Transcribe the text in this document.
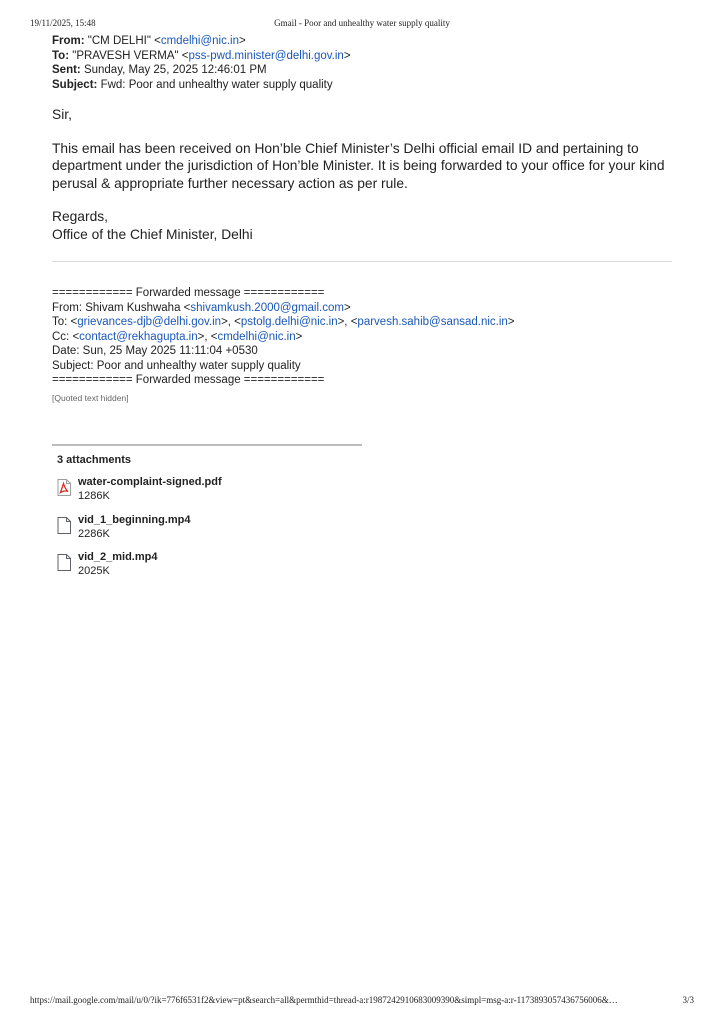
19/11/2025, 15:48	Gmail - Poor and unhealthy water supply quality
From: "CM DELHI" <cmdelhi@nic.in>
To: "PRAVESH VERMA" <pss-pwd.minister@delhi.gov.in>
Sent: Sunday, May 25, 2025 12:46:01 PM
Subject: Fwd: Poor and unhealthy water supply quality
Sir,
This email has been received on Hon’ble Chief Minister’s Delhi official email ID and pertaining to department under the jurisdiction of Hon’ble Minister. It is being forwarded to your office for your kind perusal & appropriate further necessary action as per rule.
Regards,
Office of the Chief Minister, Delhi
============ Forwarded message ============
From: Shivam Kushwaha <shivamkush.2000@gmail.com>
To: <grievances-djb@delhi.gov.in>, <pstolg.delhi@nic.in>, <parvesh.sahib@sansad.nic.in>
Cc: <contact@rekhagupta.in>, <cmdelhi@nic.in>
Date: Sun, 25 May 2025 11:11:04 +0530
Subject: Poor and unhealthy water supply quality
============ Forwarded message ============
[Quoted text hidden]
3 attachments
water-complaint-signed.pdf
1286K
vid_1_beginning.mp4
2286K
vid_2_mid.mp4
2025K
https://mail.google.com/mail/u/0/?ik=776f6531f2&view=pt&search=all&permthid=thread-a:r1987242910683009390&simpl=msg-a:r-1173893057436756006&…	3/3
